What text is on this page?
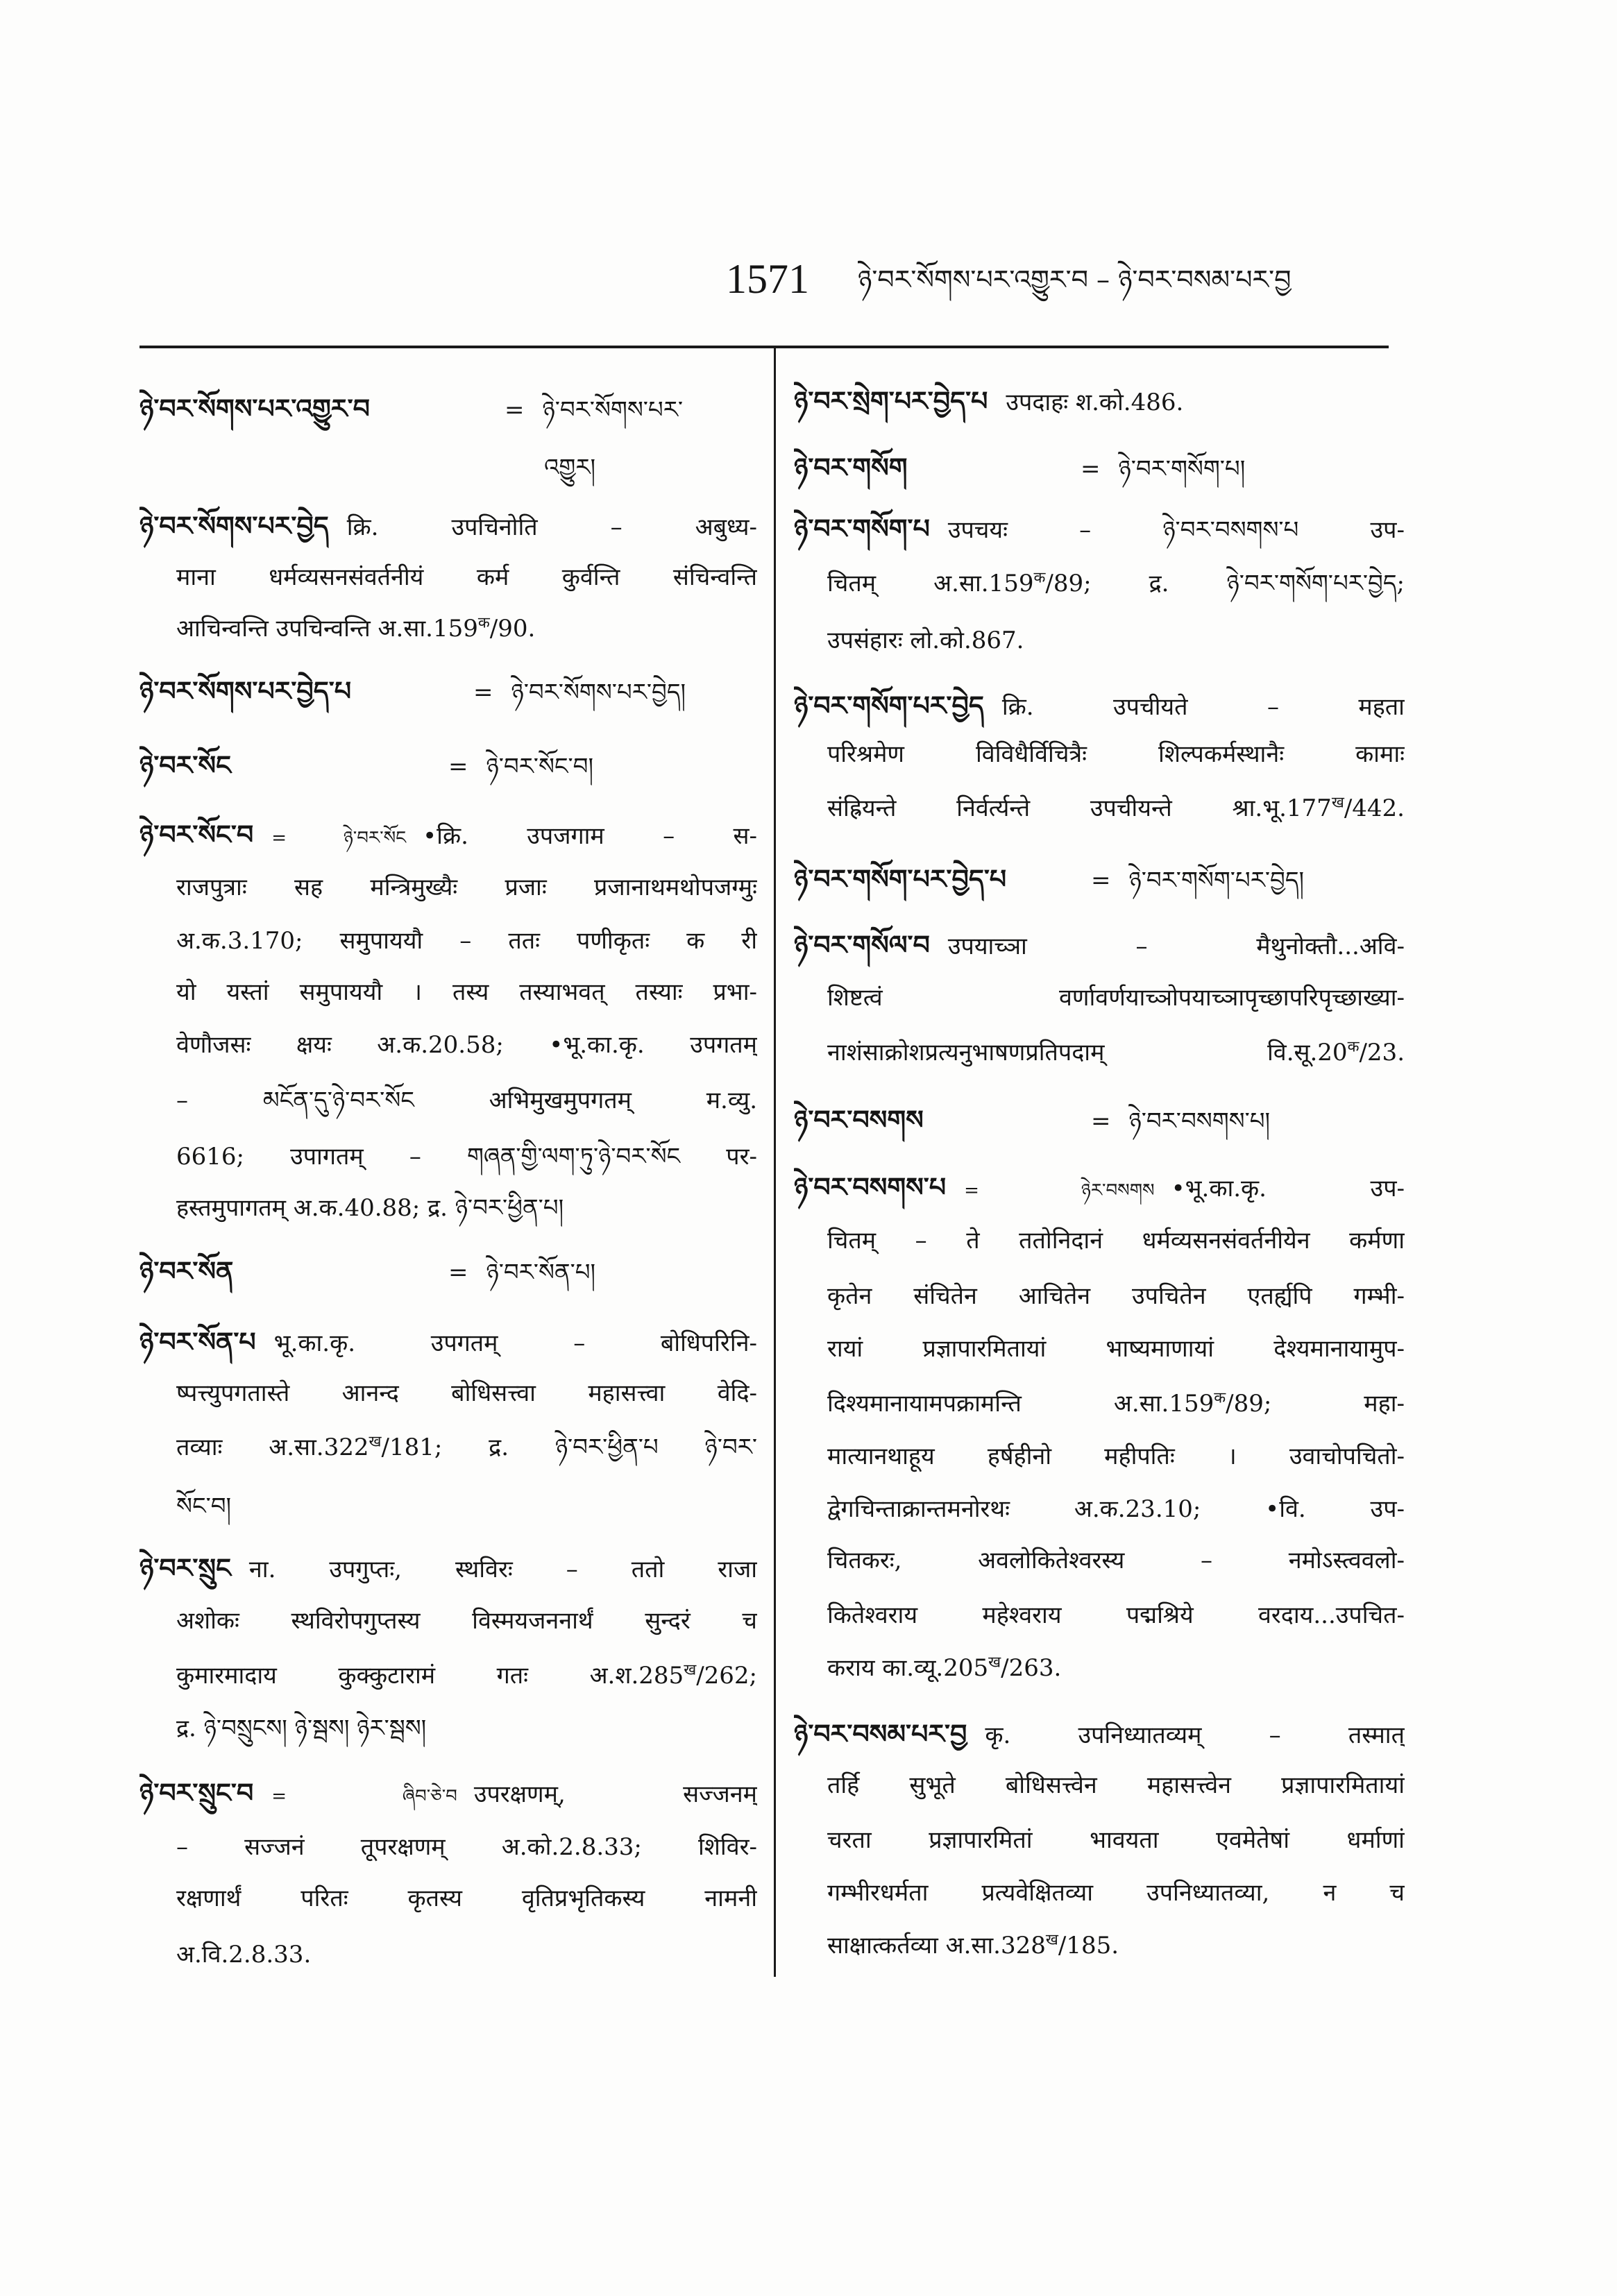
1571 ཉེ་བར་སོགས་པར་འགྱུར་བ – ཉེ་བར་བསམ་པར་བྱ
ཉེ་བར་སོགས་པར་འགྱུར་བ	= ཉེ་བར་སོགས་པར་
འགྱུར།
ཉེ་བར་སོགས་པར་བྱེད क्रि. उपचिनोति – अबुध्य-
माना धर्मव्यसनसंवर्तनीयं कर्म कुर्वन्ति संचिन्वन्ति
आचिन्वन्ति उपचिन्वन्ति $अ.सा.159^क/90$.
ཉེ་བར་སོགས་པར་བྱེད་པ	= ཉེ་བར་སོགས་པར་བྱེད།
ཉེ་བར་སོང	= ཉེ་བར་སོང་བ།
ཉེ་བར་སོང་བ = ཉེ་བར་སོང •क्रि. उपजगाम – स-
राजपुत्राः सह मन्त्रिमुख्यैः प्रजाः प्रजानाथमथोपजग्मुः
अ.क.3.170; समुपाययौ – ततः पणीकृतः क री
यो यस्तां समुपाययौ । तस्य तस्याभवत् तस्याः प्रभा-
वेणौजसः क्षयः अ.क.20.58; •भू.का.कृ. उपगतम्
– མངོན་དུ་ཉེ་བར་སོང अभिमुखमुपगतम् म.व्यु.
6616; उपागतम् – གཞན་གྱི་ལག་ཏུ་ཉེ་བར་སོང पर-
हस्तमुपागतम् अ.क.40.88; द्र. ཉེ་བར་ཕྱིན་པ།
ཉེ་བར་སོན	= ཉེ་བར་སོན་པ།
ཉེ་བར་སོན་པ भू.का.कृ. उपगतम् – बोधिपरिनि-
ष्पत्त्युपगतास्ते आनन्द बोधिसत्त्वा महासत्त्वा वेदि-
तव्याः $अ.सा.322^ख/181$; द्र. ཉེ་བར་ཕྱིན་པ ཉེ་བར་
སོང་བ།
ཉེ་བར་སྲུང ना. उपगुप्तः, स्थविरः – ततो राजा
अशोकः स्थविरोपगुप्तस्य विस्मयजननार्थं सुन्दरं च
कुमारमादाय कुक्कुटारामं गतः $अ.श.285^ख/262$;
द्र. ཉེ་བསྲུངས། ཉེ་སྦས། ཉེར་སྦས།
ཉེ་བར་སྲུང་བ = ཞིབ་ཅེ་བ उपरक्षणम्, सज्जनम्
– सज्जनं तूपरक्षणम् अ.को.2.8.33; शिविर-
रक्षणार्थं परितः कृतस्य वृतिप्रभृतिकस्य नामनी
अ.वि.2.8.33.
ཉེ་བར་སྲེག་པར་བྱེད་པ उपदाहः श.को.486.
ཉེ་བར་གསོག	= ཉེ་བར་གསོག་པ།
ཉེ་བར་གསོག་པ उपचयः – ཉེ་བར་བསགས་པ उप-
चितम् $अ.सा.159^क/89$; द्र. ཉེ་བར་གསོག་པར་བྱེད;
उपसंहारः लो.को.867.
ཉེ་བར་གསོག་པར་བྱེད क्रि. उपचीयते – महता
परिश्रमेण विविधैर्विचित्रैः शिल्पकर्मस्थानैः कामाः
संह्रियन्ते निर्वर्त्यन्ते उपचीयन्ते $श्रा.भू.177^ख/442$.
ཉེ་བར་གསོག་པར་བྱེད་པ	= ཉེ་བར་གསོག་པར་བྱེད།
ཉེ་བར་གསོལ་བ उपयाच्ञा – मैथुनोक्तौ...अवि-
शिष्टत्वं वर्णावर्णयाच्ञोपयाच्ञापृच्छापरिपृच्छाख्या-
नाशंसाक्रोशप्रत्यनुभाषणप्रतिपदाम् $वि.सू.20^क/23$.
ཉེ་བར་བསགས	= ཉེ་བར་བསགས་པ།
ཉེ་བར་བསགས་པ = ཉེར་བསགས •भू.का.कृ. उप-
चितम् – ते ततोनिदानं धर्मव्यसनसंवर्तनीयेन कर्मणा
कृतेन संचितेन आचितेन उपचितेन एतर्ह्यपि गम्भी-
रायां प्रज्ञापारमितायां भाष्यमाणायां देश्यमानायामुप-
दिश्यमानायामपक्रामन्ति $अ.सा.159^क/89$; महा-
मात्यानथाहूय हर्षहीनो महीपतिः । उवाचोपचितो-
द्वेगचिन्ताक्रान्तमनोरथः अ.क.23.10; •वि. उप-
चितकरः, अवलोकितेश्वरस्य – नमोऽस्त्ववलो-
कितेश्वराय महेश्वराय पद्मश्रिये वरदाय...उपचित-
कराय $का.व्यू.205^ख/263$.
ཉེ་བར་བསམ་པར་བྱ कृ. उपनिध्यातव्यम् – तस्मात्
तर्हि सुभूते बोधिसत्त्वेन महासत्त्वेन प्रज्ञापारमितायां
चरता प्रज्ञापारमितां भावयता एवमेतेषां धर्माणां
गम्भीरधर्मता प्रत्यवेक्षितव्या उपनिध्यातव्या, न च
साक्षात्कर्तव्या $अ.सा.328^ख/185$.
